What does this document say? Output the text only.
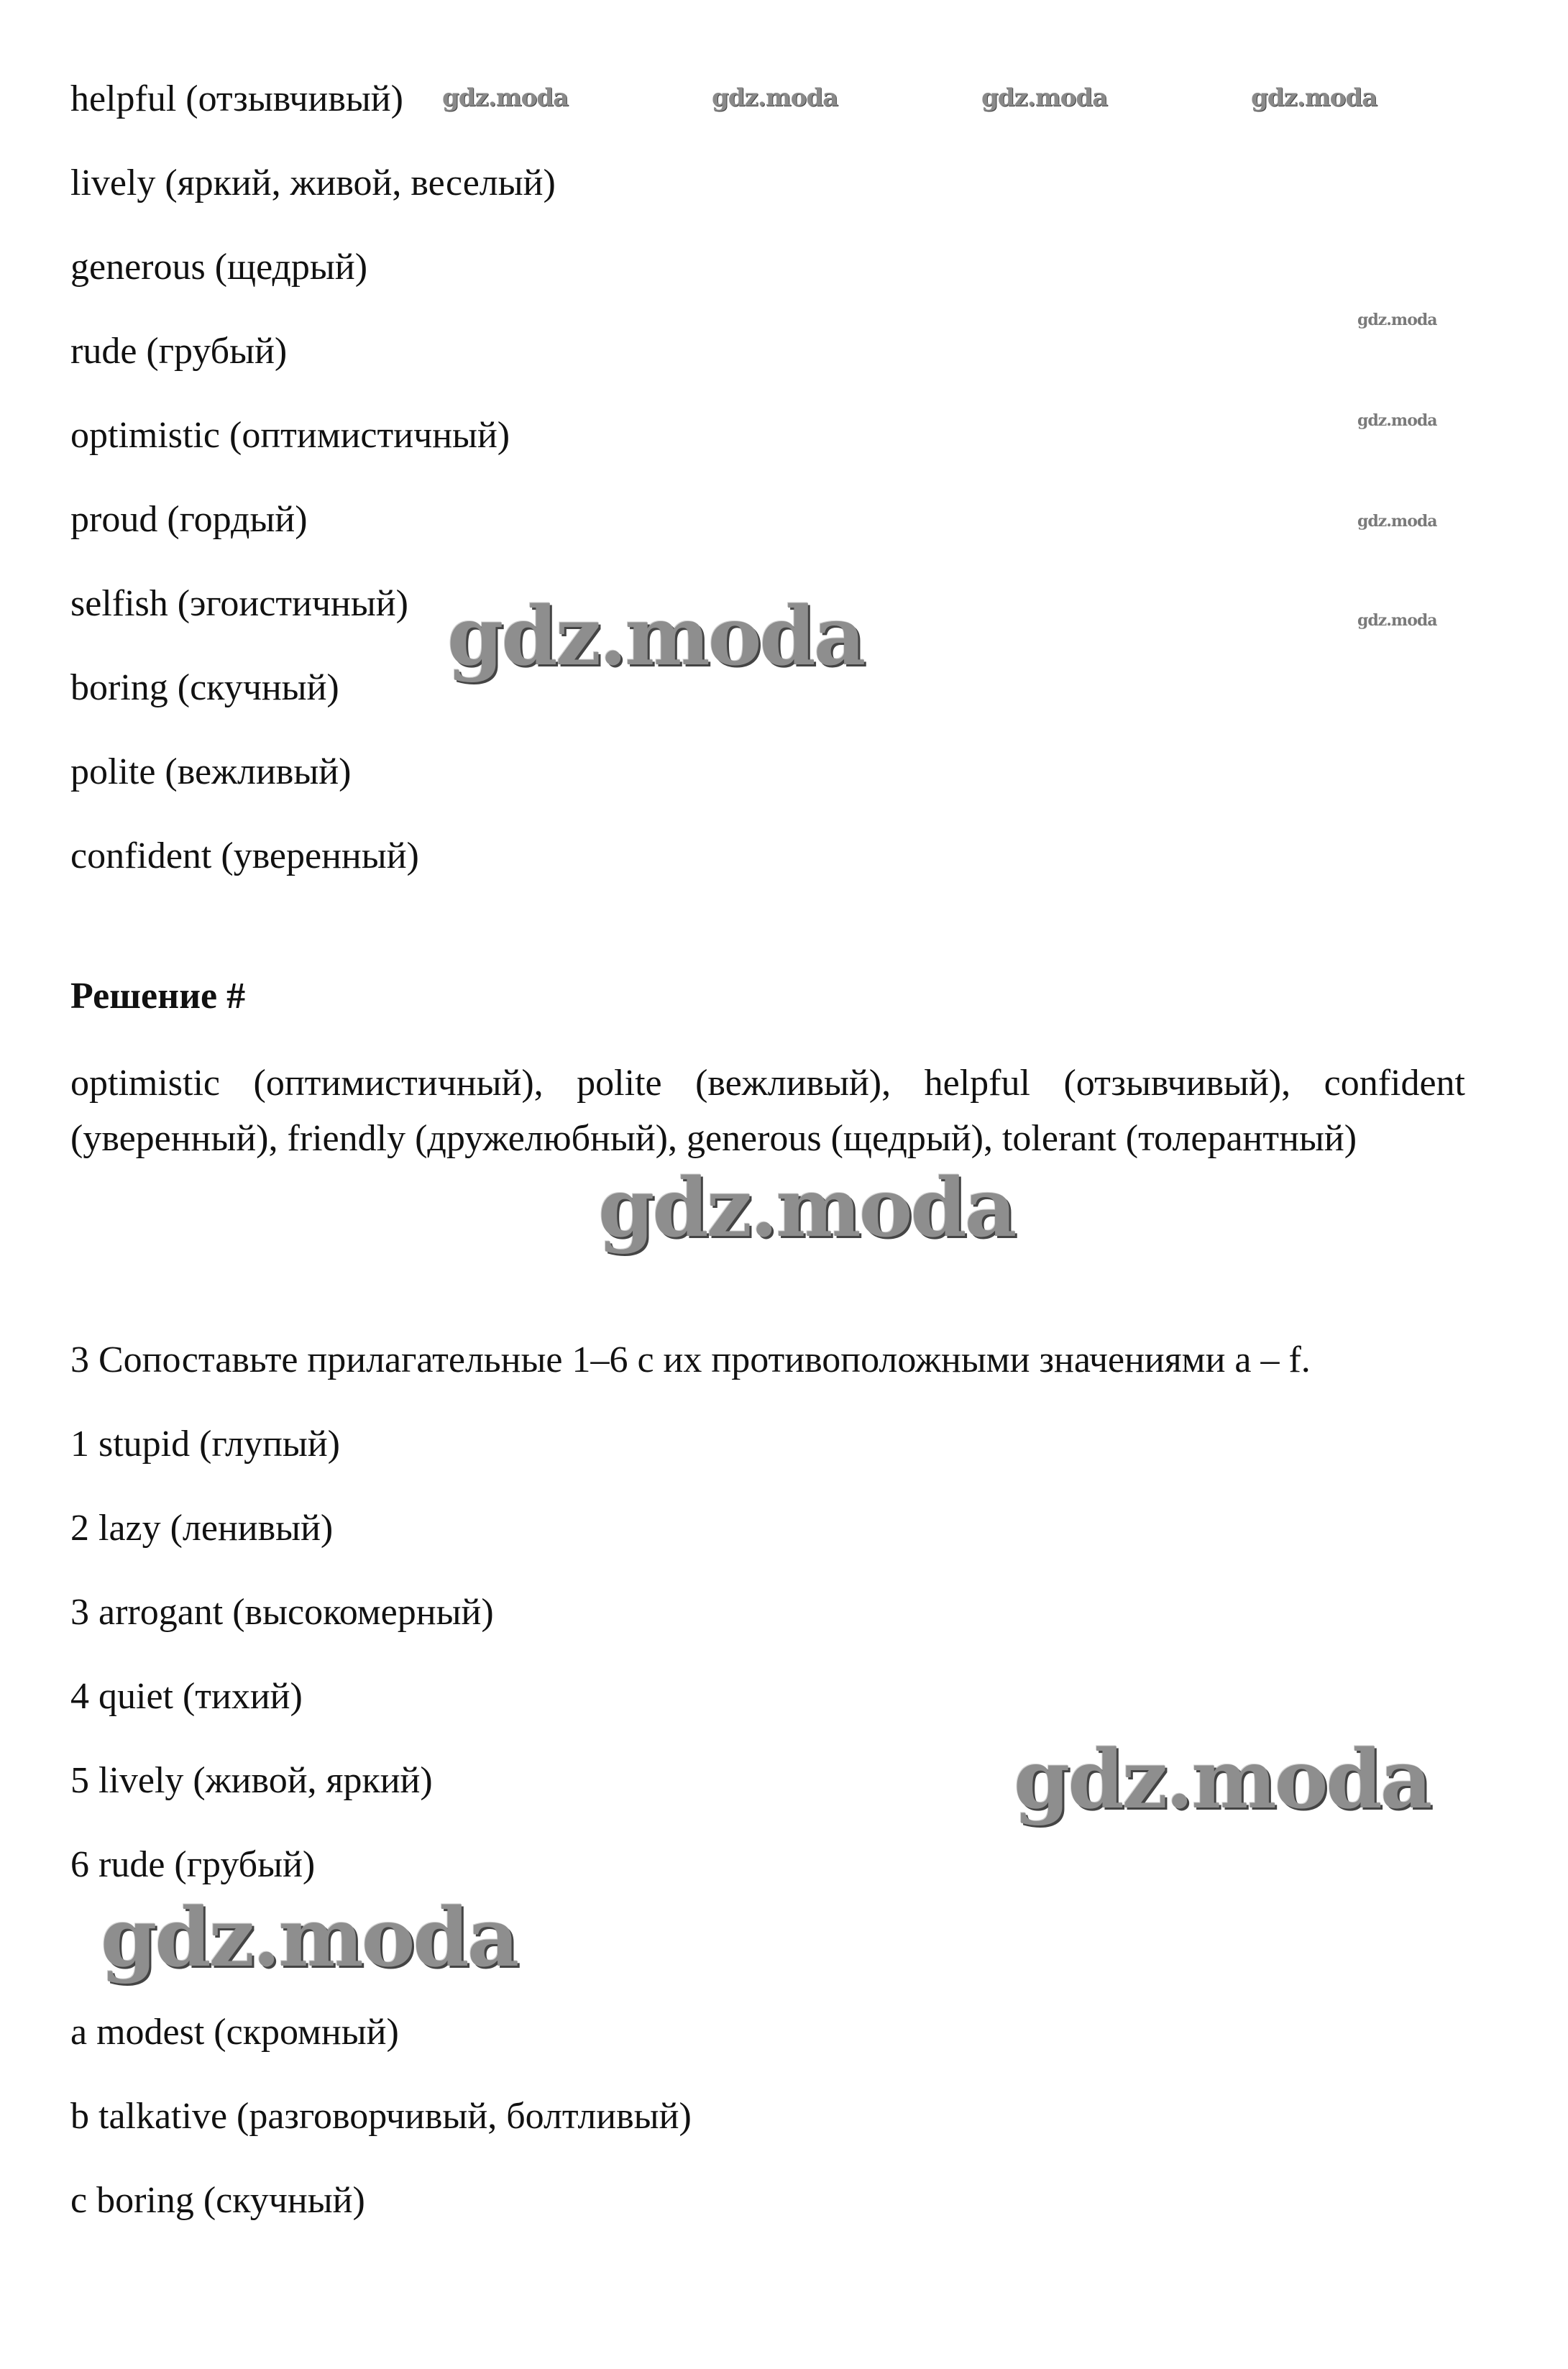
helpful (отзывчивый)
lively (яркий, живой, веселый)
generous (щедрый)
rude (грубый)
optimistic (оптимистичный)
proud (гордый)
selfish (эгоистичный)
boring (скучный)
polite (вежливый)
confident (уверенный)
Решение #
optimistic (оптимистичный), polite (вежливый), helpful (отзывчивый), confident (уверенный), friendly (дружелюбный), generous (щедрый), tolerant (толерантный)
3 Сопоставьте прилагательные 1–6 с их противоположными значениями a – f.
1 stupid (глупый)
2 lazy (ленивый)
3 arrogant (высокомерный)
4 quiet (тихий)
5 lively (живой, яркий)
6 rude (грубый)
a modest (скромный)
b talkative (разговорчивый, болтливый)
c boring (скучный)
gdz.moda	gdz.moda	gdz.moda	gdz.moda
gdz.moda
gdz.moda
gdz.moda
gdz.moda
gdz.moda
gdz.moda
gdz.moda
gdz.moda
